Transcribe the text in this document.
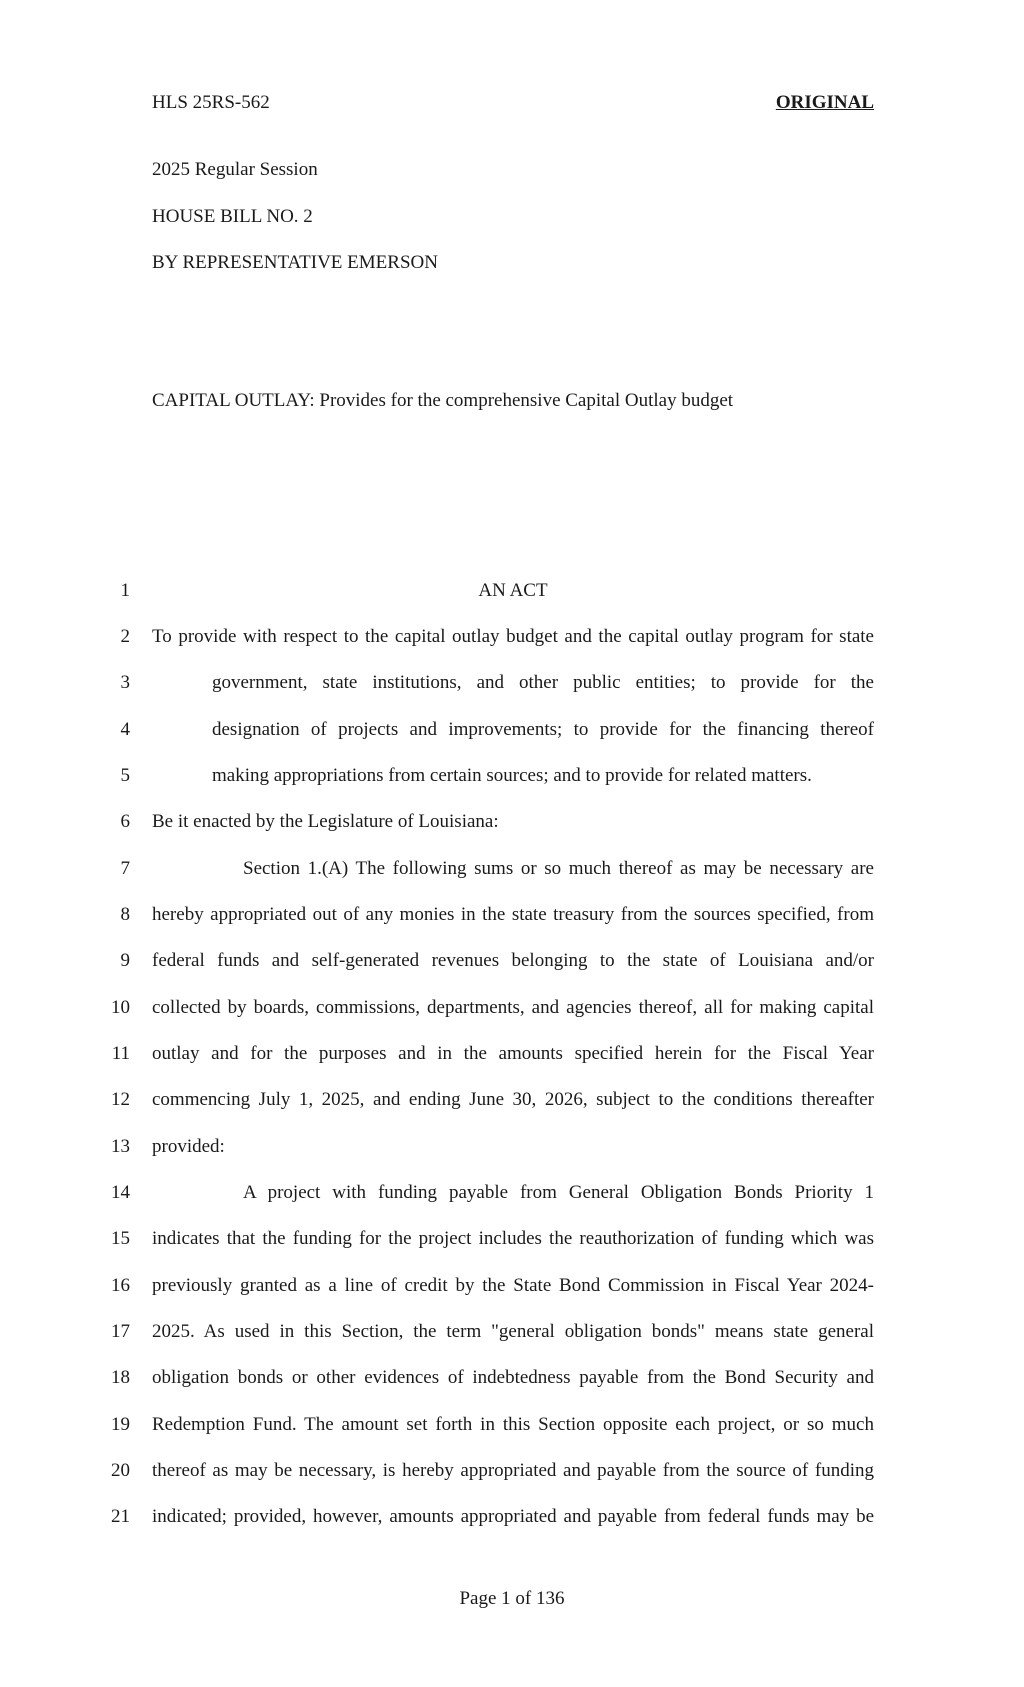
HLS 25RS-562	ORIGINAL
2025 Regular Session
HOUSE BILL NO. 2
BY REPRESENTATIVE EMERSON
CAPITAL OUTLAY: Provides for the comprehensive Capital Outlay budget
1	AN ACT
2 To provide with respect to the capital outlay budget and the capital outlay program for state
3	government, state institutions, and other public entities; to provide for the
4	designation of projects and improvements; to provide for the financing thereof
5	making appropriations from certain sources; and to provide for related matters.
6 Be it enacted by the Legislature of Louisiana:
7	Section 1.(A) The following sums or so much thereof as may be necessary are
8 hereby appropriated out of any monies in the state treasury from the sources specified, from
9 federal funds and self-generated revenues belonging to the state of Louisiana and/or
10 collected by boards, commissions, departments, and agencies thereof, all for making capital
11 outlay and for the purposes and in the amounts specified herein for the Fiscal Year
12 commencing July 1, 2025, and ending June 30, 2026, subject to the conditions thereafter
13 provided:
14	A project with funding payable from General Obligation Bonds Priority 1
15 indicates that the funding for the project includes the reauthorization of funding which was
16 previously granted as a line of credit by the State Bond Commission in Fiscal Year 2024-
17 2025. As used in this Section, the term "general obligation bonds" means state general
18 obligation bonds or other evidences of indebtedness payable from the Bond Security and
19 Redemption Fund. The amount set forth in this Section opposite each project, or so much
20 thereof as may be necessary, is hereby appropriated and payable from the source of funding
21 indicated; provided, however, amounts appropriated and payable from federal funds may be
Page 1 of 136
